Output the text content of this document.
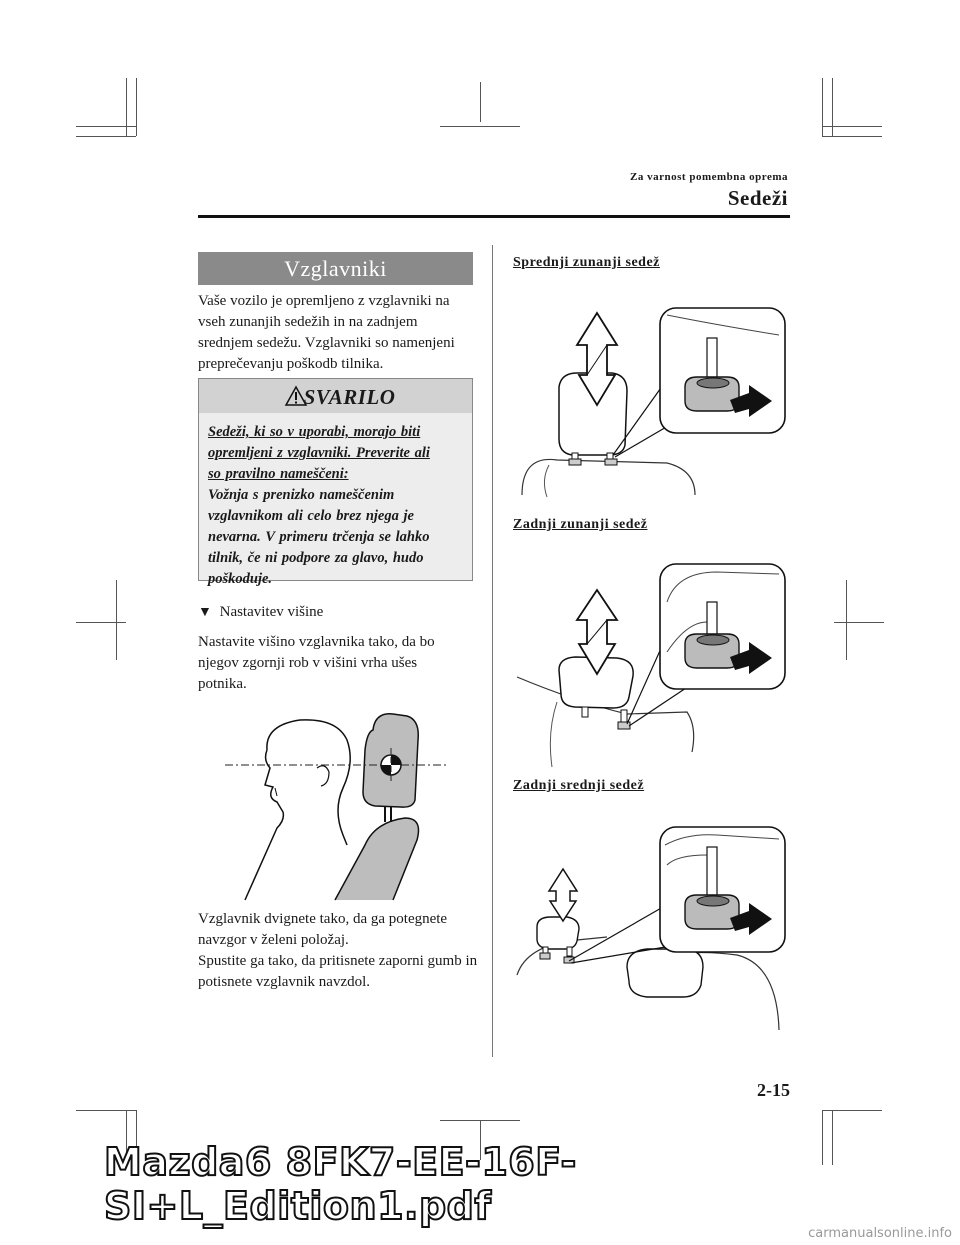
Za varnost pomembna oprema
Sedeži
Vzglavniki
Vaše vozilo je opremljeno z vzglavniki na vseh zunanjih sedežih in na zadnjem srednjem sedežu. Vzglavniki so namenjeni preprečevanju poškodb tilnika.
SVARILO
Sedeži, ki so v uporabi, morajo biti
opremljeni z vzglavniki. Preverite ali
so pravilno nameščeni:
Vožnja s prenizko nameščenim
vzglavnikom ali celo brez njega je
nevarna. V primeru trčenja se lahko
tilnik, če ni podpore za glavo, hudo
poškoduje.
▼ Nastavitev višine
Nastavite višino vzglavnika tako, da bo njegov zgornji rob v višini vrha ušes potnika.
Vzglavnik dvignete tako, da ga potegnete navzgor v želeni položaj.
Spustite ga tako, da pritisnete zaporni gumb in potisnete vzglavnik navzdol.
Sprednji zunanji sedež
Zadnji zunanji sedež
Zadnji srednji sedež
2-15
Mazda6 8FK7-EE-16F-SI+L_Edition1.pdf
carmanualsonline.info
